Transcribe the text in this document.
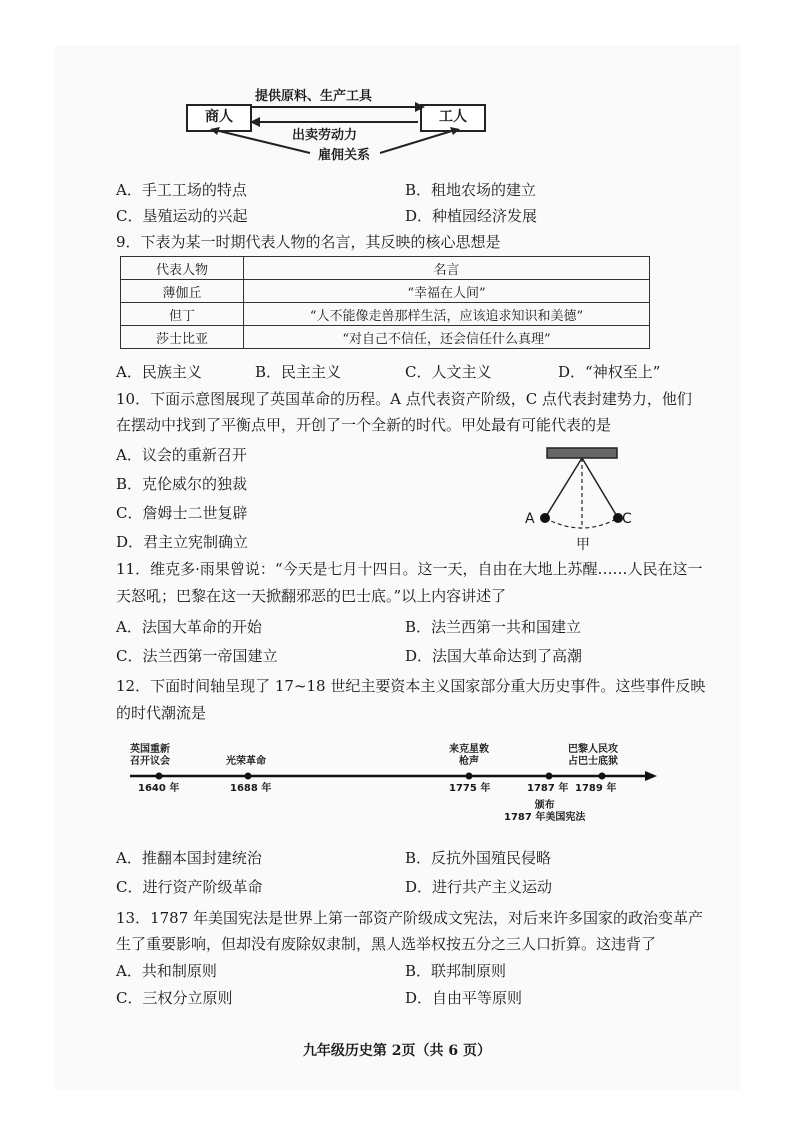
商人	工人
提供原料、生产工具
出卖劳动力
雇佣关系
A．手工工场的特点	B．租地农场的建立
C．垦殖运动的兴起	D．种植园经济发展
9．下表为某一时期代表人物的名言，其反映的核心思想是
代表人物	名言
薄伽丘	“幸福在人间”
但丁	“人不能像走兽那样生活，应该追求知识和美德”
莎士比亚	“对自己不信任，还会信任什么真理”
A．民族主义	B．民主主义	C．人文主义	D．“神权至上”
10．下面示意图展现了英国革命的历程。A 点代表资产阶级，C 点代表封建势力，他们
在摆动中找到了平衡点甲，开创了一个全新的时代。甲处最有可能代表的是
A．议会的重新召开
B．克伦威尔的独裁
C．詹姆士二世复辟
D．君主立宪制确立
A	C
甲
11．维克多·雨果曾说：“今天是七月十四日。这一天，自由在大地上苏醒……人民在这一
天怒吼；巴黎在这一天掀翻邪恶的巴士底。”以上内容讲述了
A．法国大革命的开始	B．法兰西第一共和国建立
C．法兰西第一帝国建立	D．法国大革命达到了高潮
12．下面时间轴呈现了 17~18 世纪主要资本主义国家部分重大历史事件。这些事件反映
的时代潮流是
英国重新
召开议会	光荣革命
来克星敦
枪声
巴黎人民攻
占巴士底狱
1640 年	1688 年	1775 年	1787 年 1789 年
颁布
1787 年美国宪法
A．推翻本国封建统治	B．反抗外国殖民侵略
C．进行资产阶级革命	D．进行共产主义运动
13．1787 年美国宪法是世界上第一部资产阶级成文宪法，对后来许多国家的政治变革产
生了重要影响，但却没有废除奴隶制，黑人选举权按五分之三人口折算。这违背了
A．共和制原则	B．联邦制原则
C．三权分立原则	D．自由平等原则
九年级历史第 2页（共 6 页）
